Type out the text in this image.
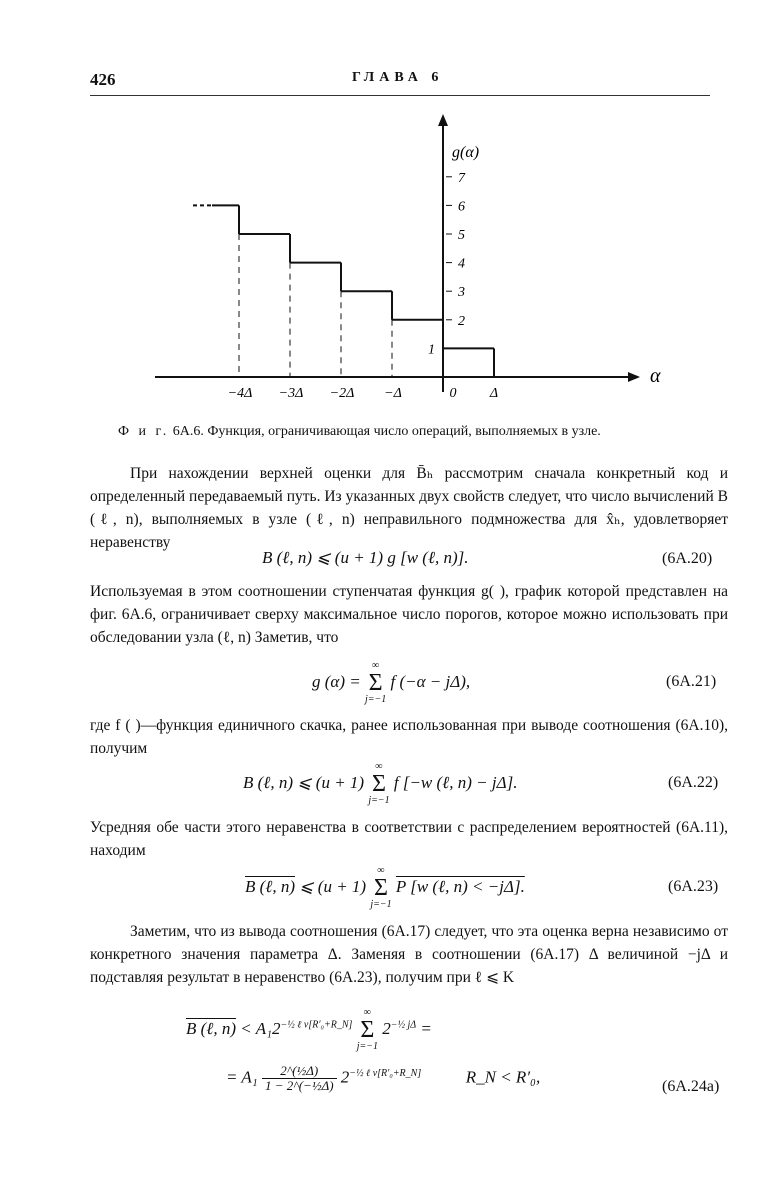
426	ГЛАВА 6
1
2
3
4
5
6
7
−4Δ −3Δ −2Δ −Δ	0 Δ
g(α)
α
Ф и г. 6А.6. Функция, ограничивающая число операций, выполняемых в узле.

При нахождении верхней оценки для B̄ₕ рассмотрим сначала конкретный код и определенный передаваемый путь. Из указанных двух свойств следует, что число вычислений B (ℓ, n), выполняемых в узле (ℓ, n) неправильного подмножества для x̂ₕ, удовлетворяет неравенству

B (ℓ, n) ⩽ (u + 1) g [w (ℓ, n)].	(6А.20)

Используемая в этом соотношении ступенчатая функция g( ), график которой представлен на фиг. 6А.6, ограничивает сверху максимальное число порогов, которое можно использовать при обследовании узла (ℓ, n) Заметив, что

g (α) =
∞
Σ
j=−1
f (−α − jΔ),	(6А.21)

где f ( )—функция единичного скачка, ранее использованная при выводе соотношения (6А.10), получим

B (ℓ, n) ⩽ (u + 1)
∞
Σ
j=−1
f [−w (ℓ, n) − jΔ].	(6А.22)

Усредняя обе части этого неравенства в соответствии с распределением вероятностей (6А.11), находим

B (ℓ, n) ⩽ (u + 1)
∞
Σ
j=−1
P [w (ℓ, n) < −jΔ].	(6А.23)

Заметим, что из вывода соотношения (6А.17) следует, что эта оценка верна независимо от конкретного значения параметра Δ. Заменяя в соотношении (6А.17) Δ величиной −jΔ и подставляя результат в неравенство (6А.23), получим при ℓ ⩽ K

B (ℓ, $n) < A_12^{-\frac{1}{2} \ell v[R'_0+R\_N]}$
∞
Σ
j=−1
$2^{-\frac{1}{2} j\Delta}$ =
= $A_1 \frac{\text{2\textasciicircum{}(½Δ)}}{\text{1 − 2\textasciicircum{}(−½Δ)}} 2^{-\frac{1}{2} \ell v[R'_0+R\_N]}$	R_N < R′₀,	(6А.24а)
